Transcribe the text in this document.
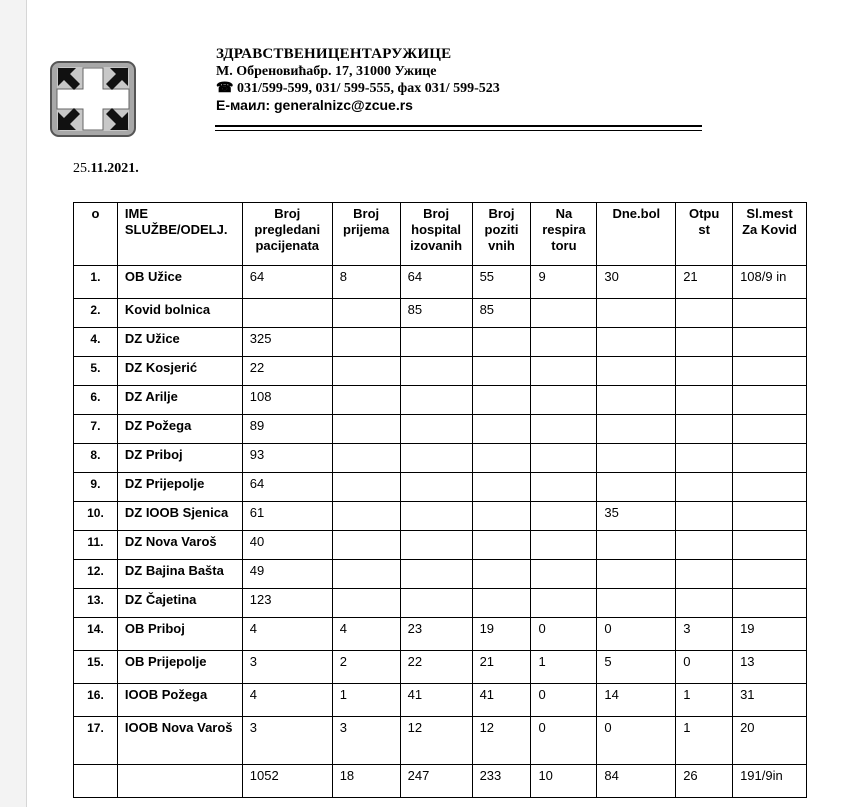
ЗДРАВСТВЕНИЦЕНТАРУЖИЦЕ
М. Обреновићабр. 17, 31000 Ужице
☎ 031/599-599, 031/ 599-555, фах 031/ 599-523
Е-маил: generalnizc@zcue.rs
25.11.2021.
o	IME SLUŽBE/ODELJ.	Broj pregledani pacijenata	Broj prijema	Broj hospital izovanih	Broj poziti vnih	Na respira toru	Dne.bol	Otpu st	Sl.mest Za Kovid
1.	OB Užice	64	8	64	55	9	30	21	108/9 in
2.	Kovid bolnica			85	85				
4.	DZ Užice	325							
5.	DZ Kosjerić	22							
6.	DZ Arilje	108							
7.	DZ Požega	89							
8.	DZ Priboj	93							
9.	DZ Prijepolje	64							
10.	DZ IOOB Sjenica	61					35		
11.	DZ Nova Varoš	40							
12.	DZ Bajina Bašta	49							
13.	DZ Čajetina	123							
14.	OB Priboj	4	4	23	19	0	0	3	19
15.	OB Prijepolje	3	2	22	21	1	5	0	13
16.	IOOB Požega	4	1	41	41	0	14	1	31
17.	IOOB Nova Varoš	3	3	12	12	0	0	1	20
		1052	18	247	233	10	84	26	191/9in
